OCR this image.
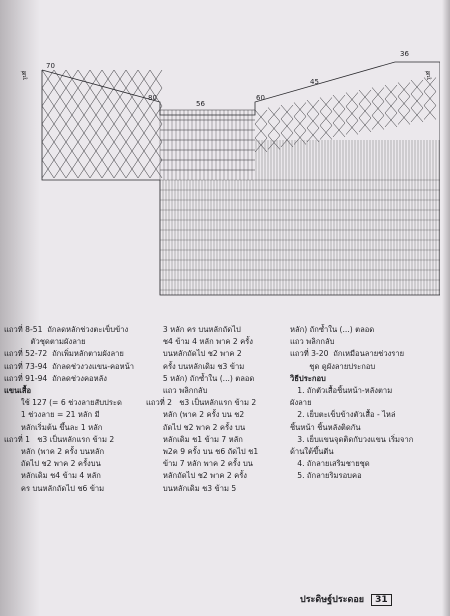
70
80
56
60
45
36
รูปที่	รูปที่
แถวที่ 8-51  ถักลดหลักช่วงตะเข็บข้าง
ตัวชุดตามผังลาย
แถวที่ 52-72  ถักเพิ่มหลักตามผังลาย
แถวที่ 73-94  ถักลดช่วงวงแขน-คอหน้า
แถวที่ 91-94  ถักลดช่วงคอหลัง
แขนเสื้อ
ใช้ 127 (= 6 ช่วงลายสับประด
1 ช่วงลาย = 21 หลัก มี
หลักเริ่มต้น ขึ้นละ 1 หลัก
แถวที่ 1   ช3 เป็นหลักแรก ข้าม 2
หลัก (พาค 2 ครั้ง บนหลัก
ถัดไป ช2 พาค 2 ครั้งบน
หลักเดิม ช4 ข้าม 4 หลัก
คร บนหลักถัดไป ช6 ข้าม
3 หลัก คร บนหลักถัดไป
ช4 ข้าม 4 หลัก พาค 2 ครั้ง
บนหลักถัดไป ช2 พาค 2
ครั้ง บนหลักเดิม ช3 ข้าม
5 หลัก) ถักซ้ำใน (...) ตลอด
แถว พลิกกลับ
แถวที่ 2   ช3 เป็นหลักแรก ข้าม 2
หลัก (พาค 2 ครั้ง บน ช2
ถัดไป ช2 พาค 2 ครั้ง บน
หลักเดิม ช1 ข้าม 7 หลัก
พ2ค 9 ครั้ง บน ช6 ถัดไป ช1
ข้าม 7 หลัก พาค 2 ครั้ง บน
หลักถัดไป ช2 พาค 2 ครั้ง
บนหลักเดิม ช3 ข้าม 5
หลัก) ถักซ้ำใน (...) ตลอด
แถว พลิกกลับ
แถวที่ 3-20  ถักเหมือนลายช่วงราย
ชุด ดูผังลายประกอบ
วิธีประกอบ
1. ถักตัวเสื้อชิ้นหน้า-หลังตาม
ผังลาย
2. เย็บตะเข็บข้างตัวเสื้อ - ไหล่
ชิ้นหน้า ชิ้นหลังติดกัน
3. เย็บแขนจุดติดกับวงแขน เริ่มจาก
ด้านใต้ขึ้นตีน
4. ถักลายเสริมชายชุด
5. ถักลายริมรอบคอ
ประดิษฐ์ประดอย 31
